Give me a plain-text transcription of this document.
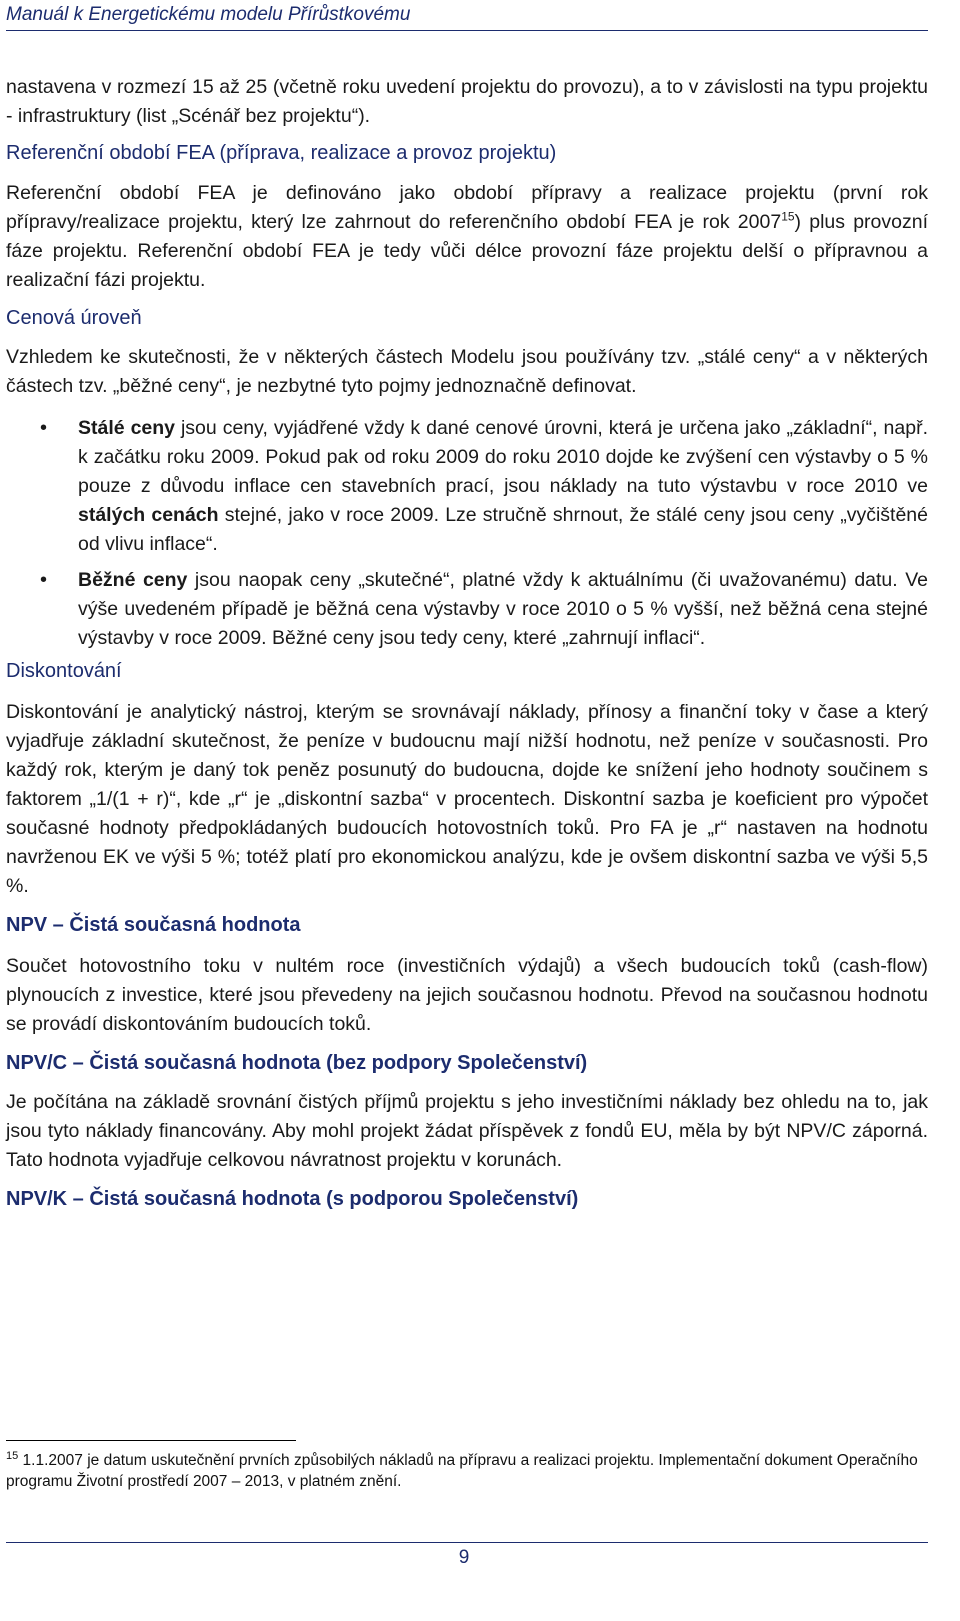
Manuál k Energetickému modelu Přírůstkovému

nastavena v rozmezí 15 až 25 (včetně roku uvedení projektu do provozu), a to v závislosti na typu projektu - infrastruktury (list „Scénář bez projektu“).

Referenční období FEA (příprava, realizace a provoz projektu)

Referenční období FEA je definováno jako období přípravy a realizace projektu (první rok přípravy/realizace projektu, který lze zahrnout do referenčního období FEA je rok 2007$^{15}$) plus provozní fáze projektu. Referenční období FEA je tedy vůči délce provozní fáze projektu delší o přípravnou a realizační fázi projektu.

Cenová úroveň

Vzhledem ke skutečnosti, že v některých částech Modelu jsou používány tzv. „stálé ceny“ a v některých částech tzv. „běžné ceny“, je nezbytné tyto pojmy jednoznačně definovat.

• Stálé ceny jsou ceny, vyjádřené vždy k dané cenové úrovni, která je určena jako „základní“, např. k začátku roku 2009. Pokud pak od roku 2009 do roku 2010 dojde ke zvýšení cen výstavby o 5 % pouze z důvodu inflace cen stavebních prací, jsou náklady na tuto výstavbu v roce 2010 ve stálých cenách stejné, jako v roce 2009. Lze stručně shrnout, že stálé ceny jsou ceny „vyčištěné od vlivu inflace“.

• Běžné ceny jsou naopak ceny „skutečné“, platné vždy k aktuálnímu (či uvažovanému) datu. Ve výše uvedeném případě je běžná cena výstavby v roce 2010 o 5 % vyšší, než běžná cena stejné výstavby v roce 2009. Běžné ceny jsou tedy ceny, které „zahrnují inflaci“.

Diskontování

Diskontování je analytický nástroj, kterým se srovnávají náklady, přínosy a finanční toky v čase a který vyjadřuje základní skutečnost, že peníze v budoucnu mají nižší hodnotu, než peníze v současnosti. Pro každý rok, kterým je daný tok peněz posunutý do budoucna, dojde ke snížení jeho hodnoty součinem s faktorem „1/(1 + r)“, kde „r“ je „diskontní sazba“ v procentech. Diskontní sazba je koeficient pro výpočet současné hodnoty předpokládaných budoucích hotovostních toků. Pro FA je „r“ nastaven na hodnotu navrženou EK ve výši 5 %; totéž platí pro ekonomickou analýzu, kde je ovšem diskontní sazba ve výši 5,5 %.

NPV – Čistá současná hodnota

Součet hotovostního toku v nultém roce (investičních výdajů) a všech budoucích toků (cash-flow) plynoucích z investice, které jsou převedeny na jejich současnou hodnotu. Převod na současnou hodnotu se provádí diskontováním budoucích toků.

NPV/C – Čistá současná hodnota (bez podpory Společenství)

Je počítána na základě srovnání čistých příjmů projektu s jeho investičními náklady bez ohledu na to, jak jsou tyto náklady financovány. Aby mohl projekt žádat příspěvek z fondů EU, měla by být NPV/C záporná. Tato hodnota vyjadřuje celkovou návratnost projektu v korunách.

NPV/K – Čistá současná hodnota (s podporou Společenství)
$^{15}$ 1.1.2007 je datum uskutečnění prvních způsobilých nákladů na přípravu a realizaci projektu. Implementační dokument Operačního programu Životní prostředí 2007 – 2013, v platném znění.
9
